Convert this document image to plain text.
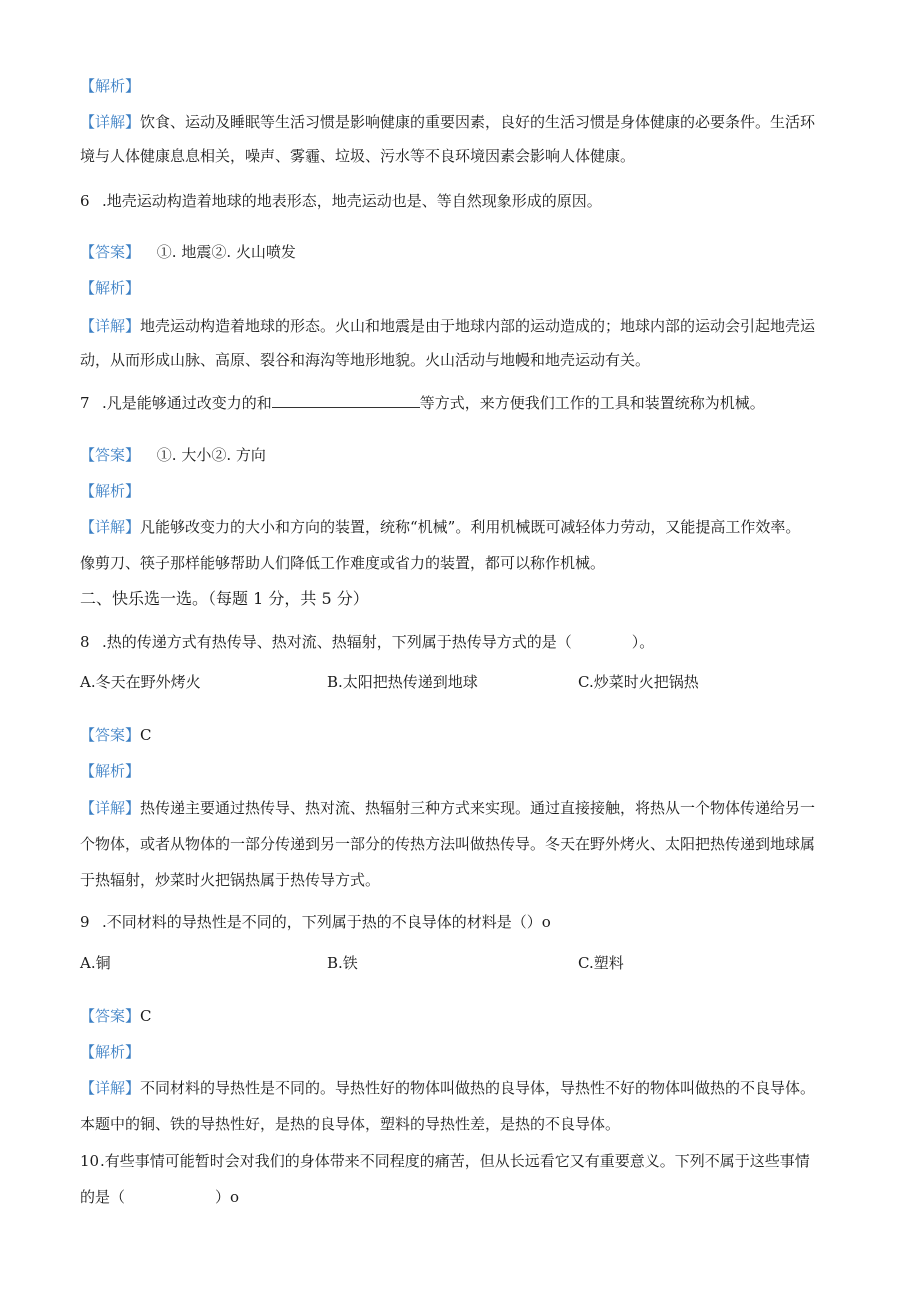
【解析】
【详解】饮食、运动及睡眠等生活习惯是影响健康的重要因素，良好的生活习惯是身体健康的必要条件。生活环
境与人体健康息息相关，噪声、雾霾、垃圾、污水等不良环境因素会影响人体健康。
6 .地壳运动构造着地球的地表形态，地壳运动也是、等自然现象形成的原因。
【答案】 ①. 地震②. 火山喷发
【解析】
【详解】地壳运动构造着地球的形态。火山和地震是由于地球内部的运动造成的；地球内部的运动会引起地壳运
动，从而形成山脉、高原、裂谷和海沟等地形地貌。火山活动与地幔和地壳运动有关。
7 .凡是能够通过改变力的和	等方式，来方便我们工作的工具和装置统称为机械。
【答案】 ①. 大小②. 方向
【解析】
【详解】凡能够改变力的大小和方向的装置，统称“机械”。利用机械既可减轻体力劳动，又能提高工作效率。
像剪刀、筷子那样能够帮助人们降低工作难度或省力的装置，都可以称作机械。
二、快乐选一选。（每题 1 分，共 5 分）
8 .热的传递方式有热传导、热对流、热辐射，下列属于热传导方式的是（　　　　）。
A.冬天在野外烤火	B.太阳把热传递到地球	C.炒菜时火把锅热
【答案】C
【解析】
【详解】热传递主要通过热传导、热对流、热辐射三种方式来实现。通过直接接触，将热从一个物体传递给另一
个物体，或者从物体的一部分传递到另一部分的传热方法叫做热传导。冬天在野外烤火、太阳把热传递到地球属
于热辐射，炒菜时火把锅热属于热传导方式。
9 .不同材料的导热性是不同的，下列属于热的不良导体的材料是（）o
A.铜	B.铁	C.塑料
【答案】C
【解析】
【详解】不同材料的导热性是不同的。导热性好的物体叫做热的良导体，导热性不好的物体叫做热的不良导体。
本题中的铜、铁的导热性好，是热的良导体，塑料的导热性差，是热的不良导体。
10.有些事情可能暂时会对我们的身体带来不同程度的痛苦，但从长远看它又有重要意义。下列不属于这些事情
的是（　　　　　　）o
